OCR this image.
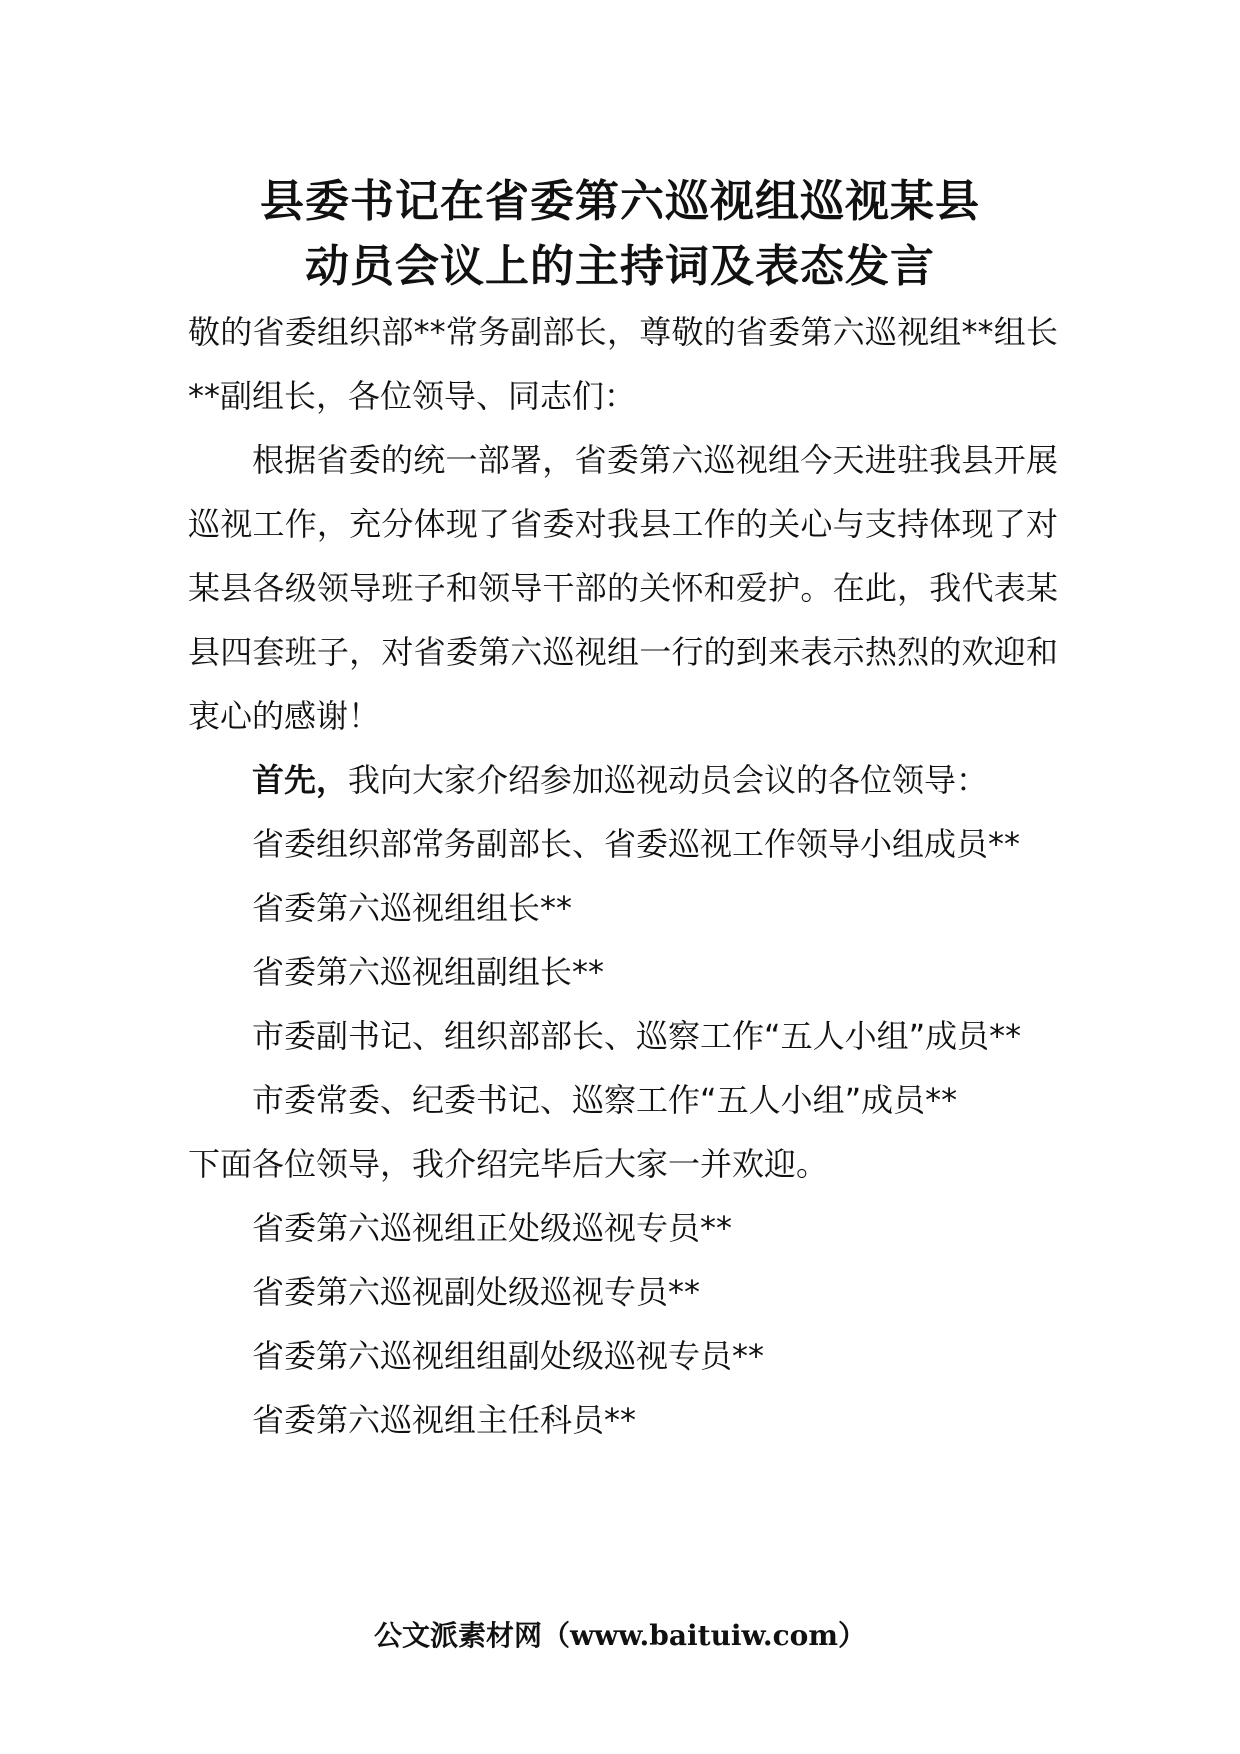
县委书记在省委第六巡视组巡视某县
动员会议上的主持词及表态发言

敬的省委组织部**常务副部长，尊敬的省委第六巡视组**组长**副组长，各位领导、同志们：

根据省委的统一部署，省委第六巡视组今天进驻我县开展巡视工作，充分体现了省委对我县工作的关心与支持体现了对某县各级领导班子和领导干部的关怀和爱护。在此，我代表某县四套班子，对省委第六巡视组一行的到来表示热烈的欢迎和衷心的感谢！

首先，我向大家介绍参加巡视动员会议的各位领导：

省委组织部常务副部长、省委巡视工作领导小组成员**

省委第六巡视组组长**

省委第六巡视组副组长**

市委副书记、组织部部长、巡察工作“五人小组”成员**

市委常委、纪委书记、巡察工作“五人小组”成员**

下面各位领导，我介绍完毕后大家一并欢迎。

省委第六巡视组正处级巡视专员**

省委第六巡视副处级巡视专员**

省委第六巡视组组副处级巡视专员**

省委第六巡视组主任科员**

公文派素材网（www.baituiw.com）
